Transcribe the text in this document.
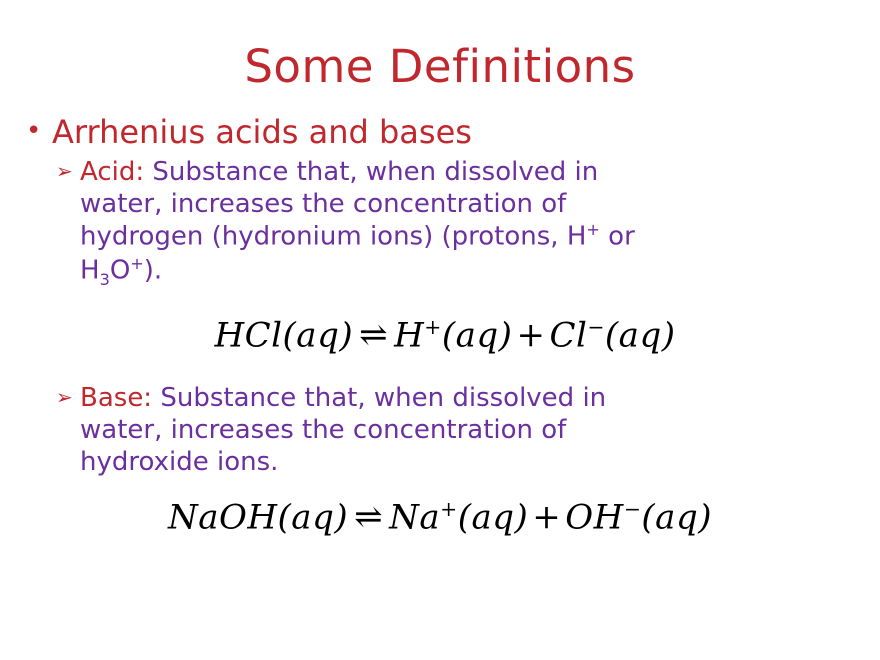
Some Definitions
• Arrhenius acids and bases
➢ Acid: Substance that, when dissolved in
water, increases the concentration of
hydrogen (hydronium ions) (protons, H+ or
$H_3O^+$).
HCl(aq) ⇌ H+(aq) + Cl−(aq)
➢ Base: Substance that, when dissolved in
water, increases the concentration of
hydroxide ions.
NaOH(aq) ⇌ Na+(aq) + OH−(aq)
